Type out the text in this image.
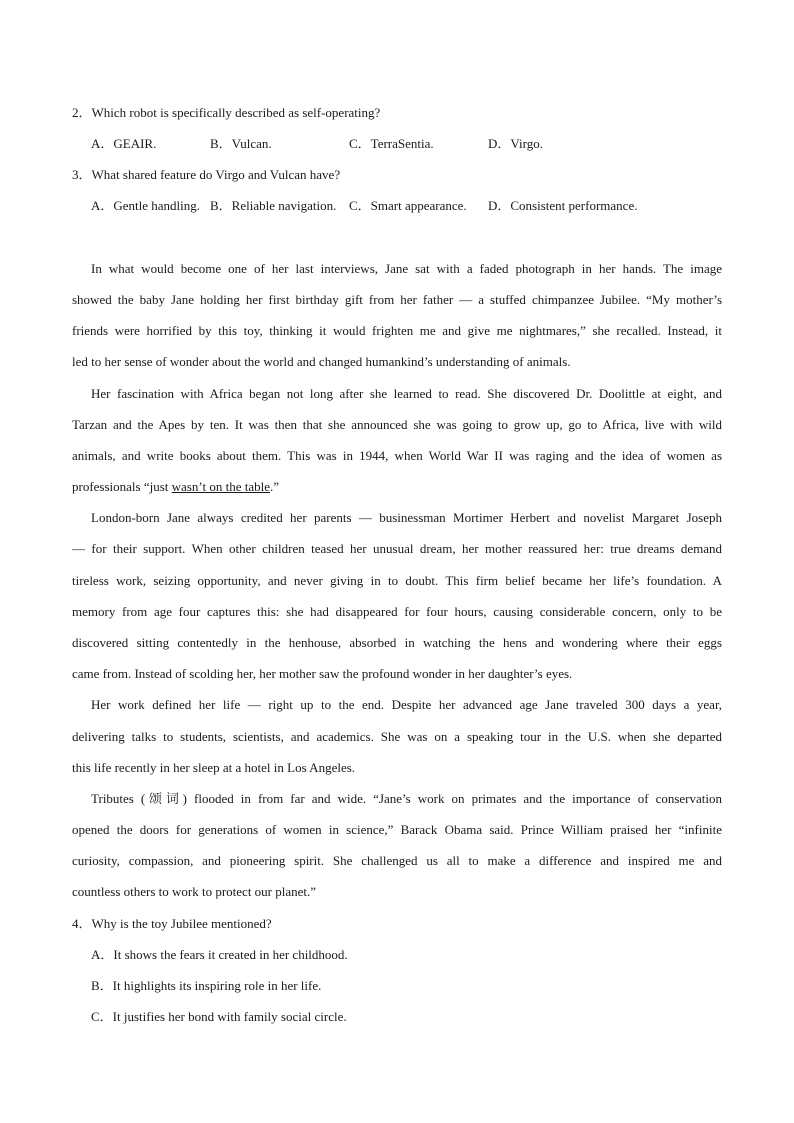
2．Which robot is specifically described as self-operating?
A．GEAIR.	B．Vulcan.	C．TerraSentia.	D．Virgo.
3．What shared feature do Virgo and Vulcan have?
A．Gentle handling. B．Reliable navigation. C．Smart appearance. D．Consistent performance.
In what would become one of her last interviews, Jane sat with a faded photograph in her hands. The image
showed the baby Jane holding her first birthday gift from her father — a stuffed chimpanzee Jubilee. “My mother’s
friends were horrified by this toy, thinking it would frighten me and give me nightmares,” she recalled. Instead, it
led to her sense of wonder about the world and changed humankind’s understanding of animals.
Her fascination with Africa began not long after she learned to read. She discovered Dr. Doolittle at eight, and
Tarzan and the Apes by ten. It was then that she announced she was going to grow up, go to Africa, live with wild
animals, and write books about them. This was in 1944, when World War II was raging and the idea of women as
professionals “just wasn’t on the table.”
London-born Jane always credited her parents — businessman Mortimer Herbert and novelist Margaret Joseph
— for their support. When other children teased her unusual dream, her mother reassured her: true dreams demand
tireless work, seizing opportunity, and never giving in to doubt. This firm belief became her life’s foundation. A
memory from age four captures this: she had disappeared for four hours, causing considerable concern, only to be
discovered sitting contentedly in the henhouse, absorbed in watching the hens and wondering where their eggs
came from. Instead of scolding her, her mother saw the profound wonder in her daughter’s eyes.
Her work defined her life — right up to the end. Despite her advanced age Jane traveled 300 days a year,
delivering talks to students, scientists, and academics. She was on a speaking tour in the U.S. when she departed
this life recently in her sleep at a hotel in Los Angeles.
Tributes (颂词) flooded in from far and wide. “Jane’s work on primates and the importance of conservation
opened the doors for generations of women in science,” Barack Obama said. Prince William praised her “infinite
curiosity, compassion, and pioneering spirit. She challenged us all to make a difference and inspired me and
countless others to work to protect our planet.”
4．Why is the toy Jubilee mentioned?
A．It shows the fears it created in her childhood.
B．It highlights its inspiring role in her life.
C．It justifies her bond with family social circle.
